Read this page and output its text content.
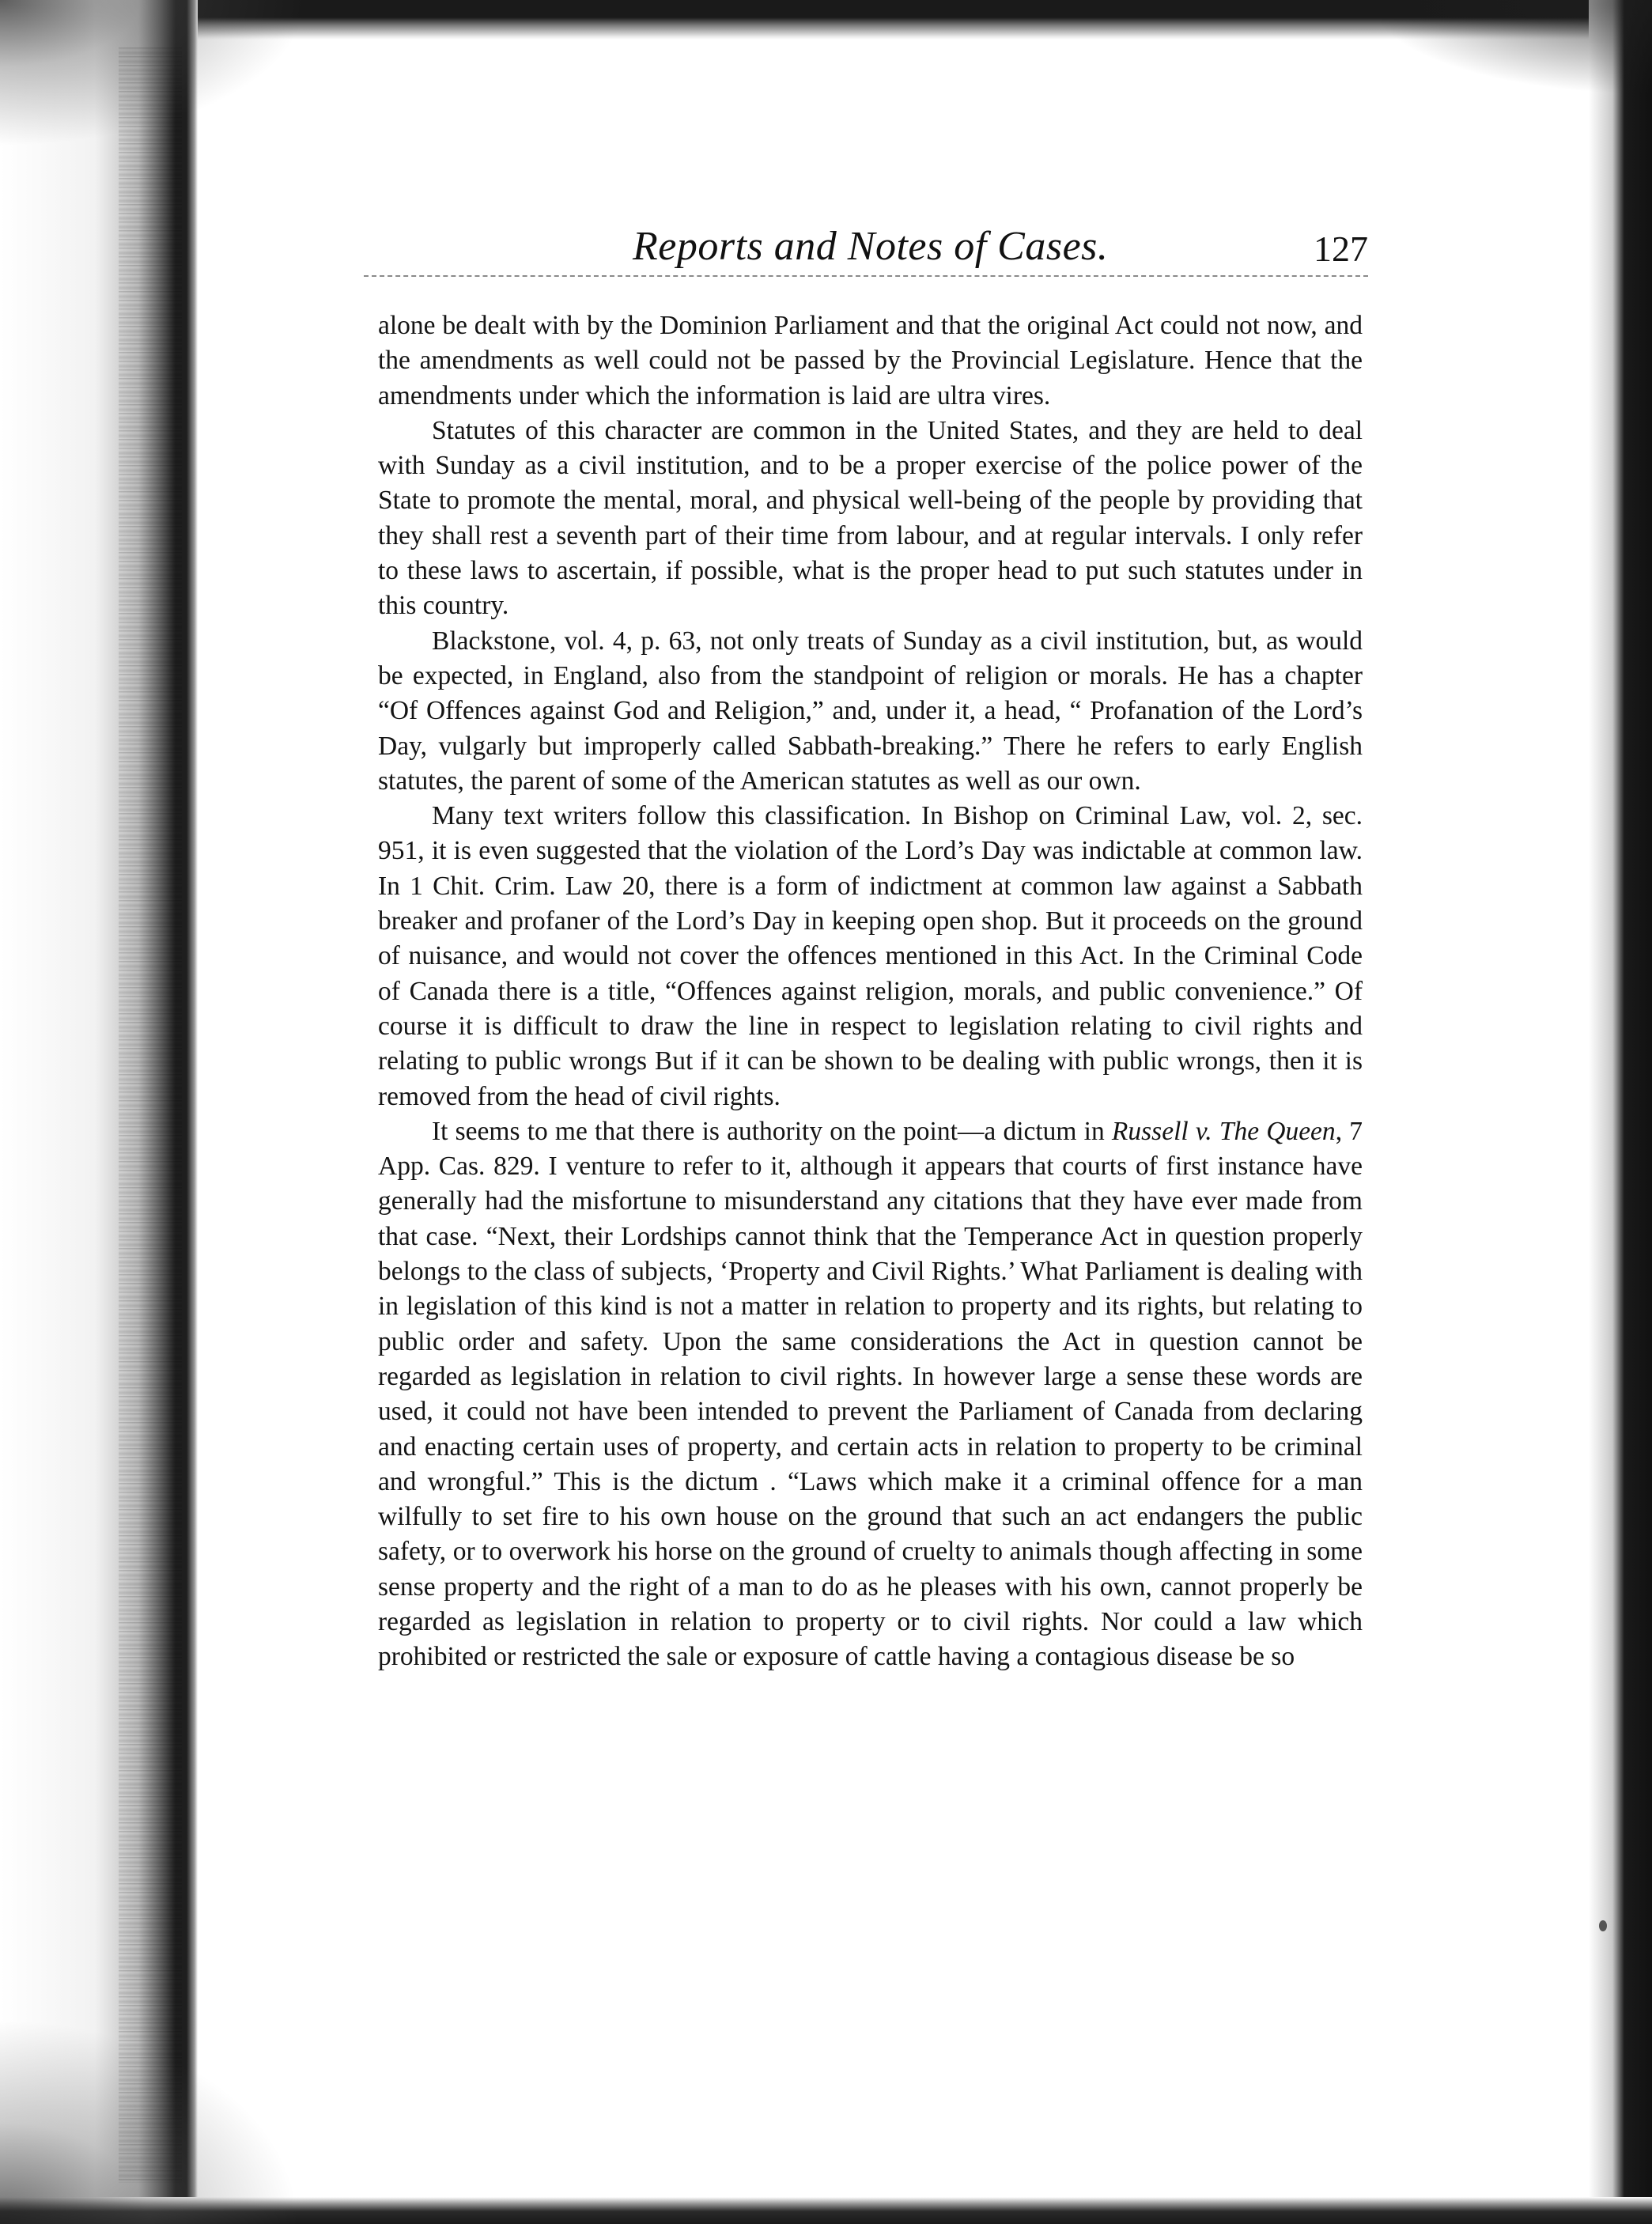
Reports and Notes of Cases.	127

alone be dealt with by the Dominion Parliament and that the original Act could not now, and the amendments as well could not be passed by the Provincial Legislature. Hence that the amendments under which the information is laid are ultra vires.

Statutes of this character are common in the United States, and they are held to deal with Sunday as a civil institution, and to be a proper exercise of the police power of the State to promote the mental, moral, and physical well-being of the people by providing that they shall rest a seventh part of their time from labour, and at regular intervals. I only refer to these laws to ascertain, if possible, what is the proper head to put such statutes under in this country.

Blackstone, vol. 4, p. 63, not only treats of Sunday as a civil institution, but, as would be expected, in England, also from the standpoint of religion or morals. He has a chapter “Of Offences against God and Religion,” and, under it, a head, “ Profanation of the Lord’s Day, vulgarly but improperly called Sabbath-breaking.” There he refers to early English statutes, the parent of some of the American statutes as well as our own.

Many text writers follow this classification. In Bishop on Criminal Law, vol. 2, sec. 951, it is even suggested that the violation of the Lord’s Day was indictable at common law. In 1 Chit. Crim. Law 20, there is a form of indictment at common law against a Sabbath breaker and profaner of the Lord’s Day in keeping open shop. But it proceeds on the ground of nuisance, and would not cover the offences mentioned in this Act. In the Criminal Code of Canada there is a title, “Offences against religion, morals, and public convenience.” Of course it is difficult to draw the line in respect to legislation relating to civil rights and relating to public wrongs But if it can be shown to be dealing with public wrongs, then it is removed from the head of civil rights.

It seems to me that there is authority on the point—a dictum in Russell v. The Queen, 7 App. Cas. 829. I venture to refer to it, although it appears that courts of first instance have generally had the misfortune to misunderstand any citations that they have ever made from that case. “Next, their Lordships cannot think that the Temperance Act in question properly belongs to the class of subjects, ‘Property and Civil Rights.’ What Parliament is dealing with in legislation of this kind is not a matter in relation to property and its rights, but relating to public order and safety. Upon the same considerations the Act in question cannot be regarded as legislation in relation to civil rights. In however large a sense these words are used, it could not have been intended to prevent the Parliament of Canada from declaring and enacting certain uses of property, and certain acts in relation to property to be criminal and wrongful.” This is the dictum . “Laws which make it a criminal offence for a man wilfully to set fire to his own house on the ground that such an act endangers the public safety, or to overwork his horse on the ground of cruelty to animals though affecting in some sense property and the right of a man to do as he pleases with his own, cannot properly be regarded as legislation in relation to property or to civil rights. Nor could a law which prohibited or restricted the sale or exposure of cattle having a contagious disease be so
